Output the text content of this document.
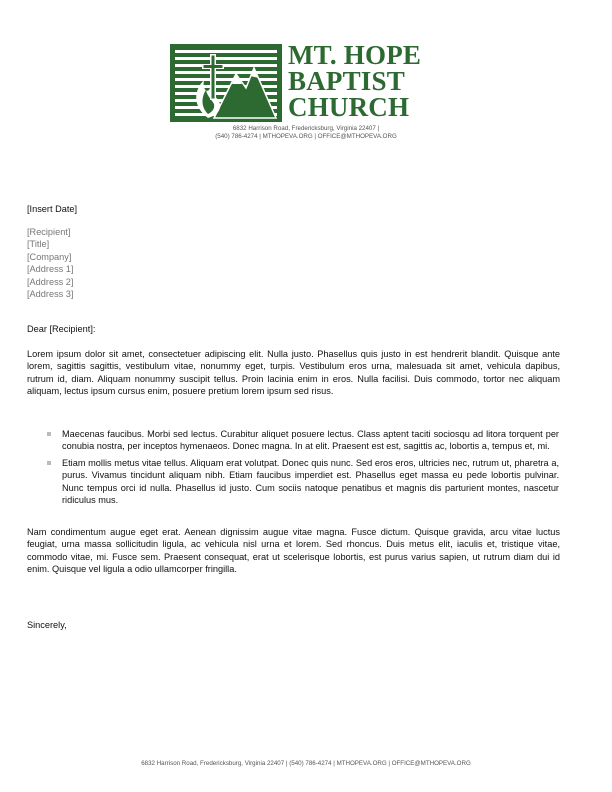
MT. HOPE
BAPTIST
CHURCH
6832 Harrison Road, Fredericksburg, Virginia 22407 |
(540) 786-4274 | MTHOPEVA.ORG | OFFICE@MTHOPEVA.ORG
[Insert Date]
[Recipient]
[Title]
[Company]
[Address 1]
[Address 2]
[Address 3]
Dear [Recipient]:
Lorem ipsum dolor sit amet, consectetuer adipiscing elit. Nulla justo. Phasellus quis justo in est hendrerit blandit. Quisque ante lorem, sagittis sagittis, vestibulum vitae, nonummy eget, turpis. Vestibulum eros urna, malesuada sit amet, vehicula dapibus, rutrum id, diam. Aliquam nonummy suscipit tellus. Proin lacinia enim in eros. Nulla facilisi. Duis commodo, tortor nec aliquam aliquam, lectus ipsum cursus enim, posuere pretium lorem ipsum sed risus.
Maecenas faucibus. Morbi sed lectus. Curabitur aliquet posuere lectus. Class aptent taciti sociosqu ad litora torquent per conubia nostra, per inceptos hymenaeos. Donec magna. In at elit. Praesent est est, sagittis ac, lobortis a, tempus et, mi.
Etiam mollis metus vitae tellus. Aliquam erat volutpat. Donec quis nunc. Sed eros eros, ultricies nec, rutrum ut, pharetra a, purus. Vivamus tincidunt aliquam nibh. Etiam faucibus imperdiet est. Phasellus eget massa eu pede lobortis pulvinar. Nunc tempus orci id nulla. Phasellus id justo. Cum sociis natoque penatibus et magnis dis parturient montes, nascetur ridiculus mus.
Nam condimentum augue eget erat. Aenean dignissim augue vitae magna. Fusce dictum. Quisque gravida, arcu vitae luctus feugiat, urna massa sollicitudin ligula, ac vehicula nisl urna et lorem. Sed rhoncus. Duis metus elit, iaculis et, tristique vitae, commodo vitae, mi. Fusce sem. Praesent consequat, erat ut scelerisque lobortis, est purus varius sapien, ut rutrum diam dui id enim. Quisque vel ligula a odio ullamcorper fringilla.
Sincerely,
6832 Harrison Road, Fredericksburg, Virginia 22407 | (540) 786-4274 | MTHOPEVA.ORG | OFFICE@MTHOPEVA.ORG
